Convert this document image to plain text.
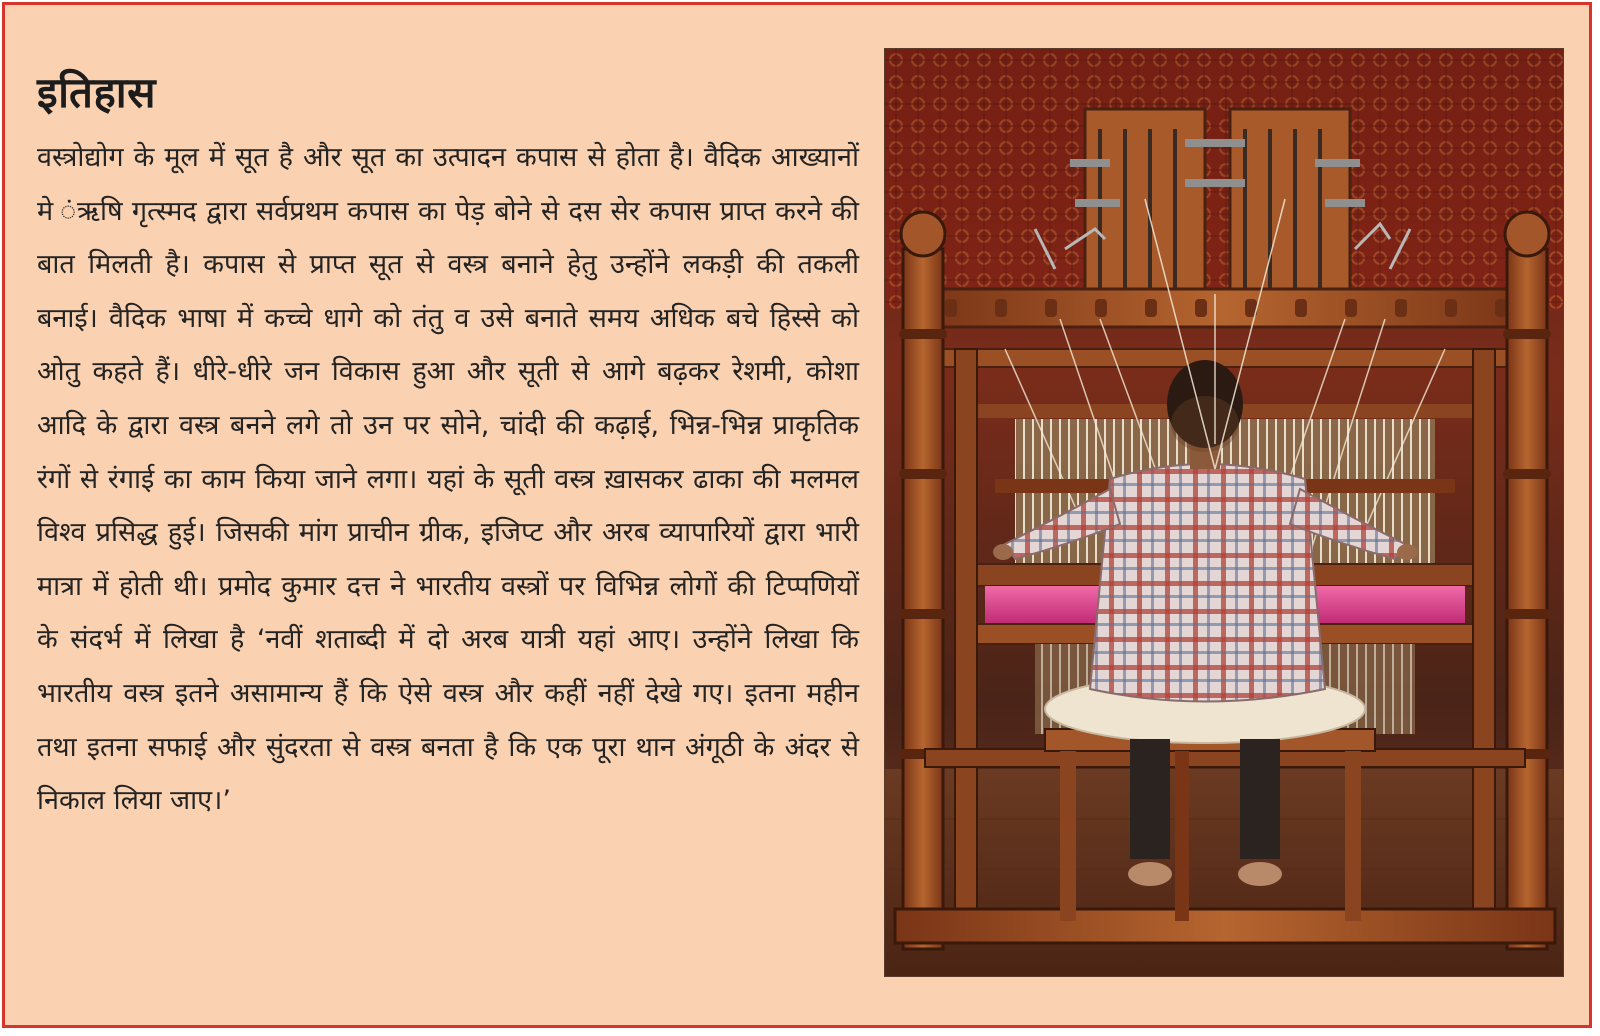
इतिहास

वस्त्रोद्योग के मूल में सूत है और सूत का उत्पादन कपास से होता है। वैदिक आख्यानों मे ंऋषि गृत्स्मद द्वारा सर्वप्रथम कपास का पेड़ बोने से दस सेर कपास प्राप्त करने की बात मिलती है। कपास से प्राप्त सूत से वस्त्र बनाने हेतु उन्होंने लकड़ी की तकली बनाई। वैदिक भाषा में कच्चे धागे को तंतु व उसे बनाते समय अधिक बचे हिस्से को ओतु कहते हैं। धीरे-धीरे जन विकास हुआ और सूती से आगे बढ़कर रेशमी, कोशा आदि के द्वारा वस्त्र बनने लगे तो उन पर सोने, चांदी की कढ़ाई, भिन्न-भिन्न प्राकृतिक रंगों से रंगाई का काम किया जाने लगा। यहां के सूती वस्त्र ख़ासकर ढाका की मलमल विश्व प्रसिद्ध हुई। जिसकी मांग प्राचीन ग्रीक, इजिप्ट और अरब व्यापारियों द्वारा भारी मात्रा में होती थी। प्रमोद कुमार दत्त ने भारतीय वस्त्रों पर विभिन्न लोगों की टिप्पणियों के संदर्भ में लिखा है ‘नवीं शताब्दी में दो अरब यात्री यहां आए। उन्होंने लिखा कि भारतीय वस्त्र इतने असामान्य हैं कि ऐसे वस्त्र और कहीं नहीं देखे गए। इतना महीन तथा इतना सफाई और सुंदरता से वस्त्र बनता है कि एक पूरा थान अंगूठी के अंदर से निकाल लिया जाए।’
